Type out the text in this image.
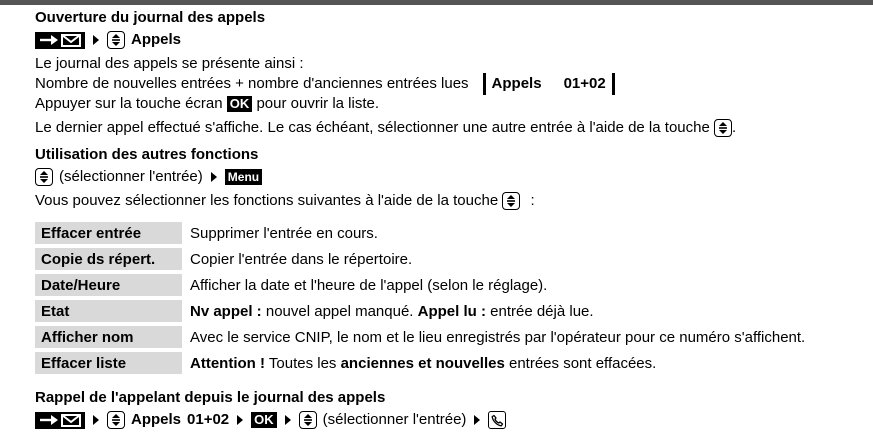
Ouverture du journal des appels
Appels
Le journal des appels se présente ainsi :
Nombre de nouvelles entrées + nombre d'anciennes entrées lues Appels 01+02
Appuyer sur la touche écran OK pour ouvrir la liste.
Le dernier appel effectué s'affiche. Le cas échéant, sélectionner une autre entrée à l'aide de la touche .
Utilisation des autres fonctions
(sélectionner l'entrée) Menu
Vous pouvez sélectionner les fonctions suivantes à l'aide de la touche :
Effacer entrée	Supprimer l'entrée en cours.
Copie ds répert.	Copier l'entrée dans le répertoire.
Date/Heure	Afficher la date et l'heure de l'appel (selon le réglage).
Etat	Nv appel : nouvel appel manqué. Appel lu : entrée déjà lue.
Afficher nom	Avec le service CNIP, le nom et le lieu enregistrés par l'opérateur pour ce numéro s'affichent.
Effacer liste	Attention ! Toutes les anciennes et nouvelles entrées sont effacées.
Rappel de l'appelant depuis le journal des appels
Appels 01+02 OK	(sélectionner l'entrée)
